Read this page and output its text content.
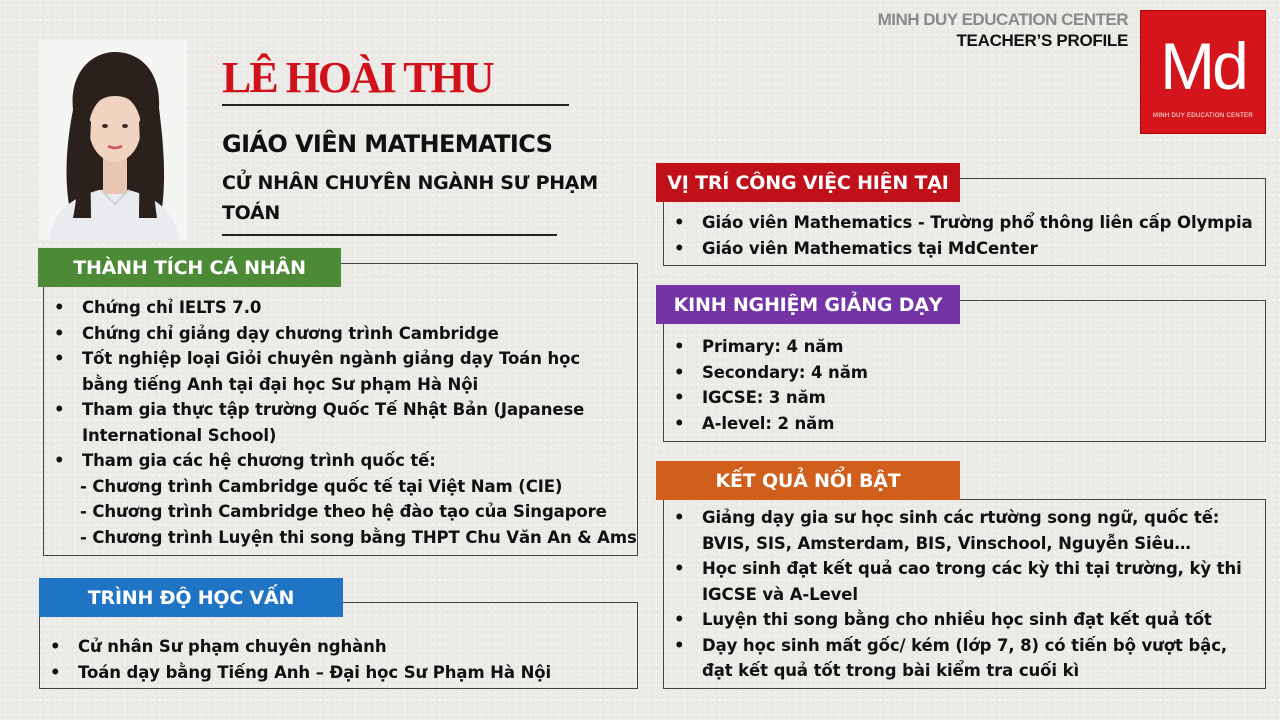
MINH DUY EDUCATION CENTER
TEACHER’S PROFILE Md
MINH DUY EDUCATION CENTER
LÊ HOÀI THU
GIÁO VIÊN MATHEMATICS
CỬ NHÂN CHUYÊN NGÀNH SƯ PHẠM TOÁN
THÀNH TÍCH CÁ NHÂN
• Chứng chỉ IELTS 7.0
• Chứng chỉ giảng dạy chương trình Cambridge
• Tốt nghiệp loại Giỏi chuyên ngành giảng dạy Toán học bằng tiếng Anh tại đại học Sư phạm Hà Nội
• Tham gia thực tập trường Quốc Tế Nhật Bản (Japanese International School)
• Tham gia các hệ chương trình quốc tế:
- Chương trình Cambridge quốc tế tại Việt Nam (CIE)
- Chương trình Cambridge theo hệ đào tạo của Singapore
- Chương trình Luyện thi song bằng THPT Chu Văn An & Ams
TRÌNH ĐỘ HỌC VẤN
• Cử nhân Sư phạm chuyên nghành
• Toán dạy bằng Tiếng Anh – Đại học Sư Phạm Hà Nội
VỊ TRÍ CÔNG VIỆC HIỆN TẠI
• Giáo viên Mathematics - Trường phổ thông liên cấp Olympia
• Giáo viên Mathematics tại MdCenter
KINH NGHIỆM GIẢNG DẠY
• Primary: 4 năm
• Secondary: 4 năm
• IGCSE: 3 năm
• A-level: 2 năm
KẾT QUẢ NỔI BẬT
• Giảng dạy gia sư học sinh các rtường song ngữ, quốc tế: BVIS, SIS, Amsterdam, BIS, Vinschool, Nguyễn Siêu…
• Học sinh đạt kết quả cao trong các kỳ thi tại trường, kỳ thi IGCSE và A-Level
• Luyện thi song bằng cho nhiều học sinh đạt kết quả tốt
• Dạy học sinh mất gốc/ kém (lớp 7, 8) có tiến bộ vượt bậc, đạt kết quả tốt trong bài kiểm tra cuối kì
